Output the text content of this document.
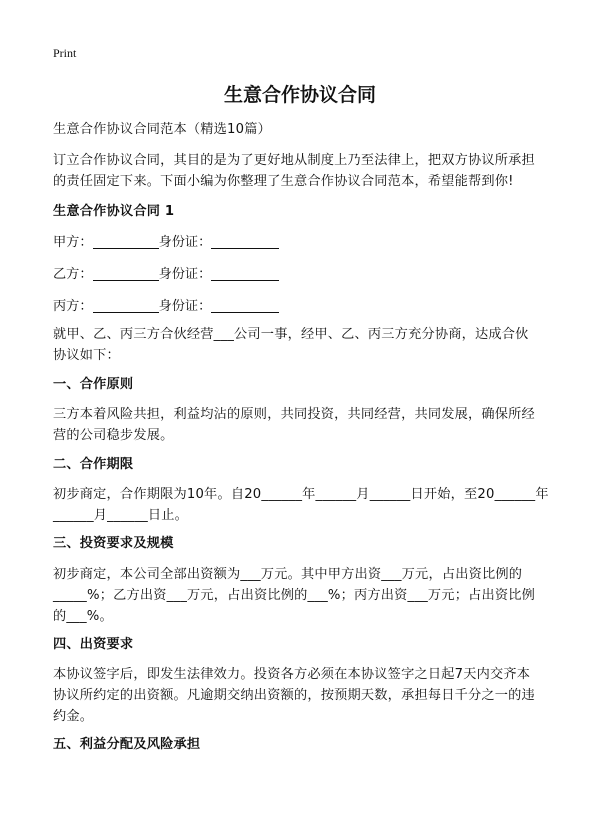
Print
生意合作协议合同
生意合作协议合同范本（精选10篇）
订立合作协议合同，其目的是为了更好地从制度上乃至法律上，把双方协议所承担
的责任固定下来。下面小编为你整理了生意合作协议合同范本，希望能帮到你!
生意合作协议合同 1
甲方：	身份证：
乙方：	身份证：
丙方：	身份证：
就甲、乙、丙三方合伙经营___公司一事，经甲、乙、丙三方充分协商，达成合伙
协议如下：
一、合作原则
三方本着风险共担，利益均沾的原则，共同投资，共同经营，共同发展，确保所经
营的公司稳步发展。
二、合作期限
初步商定，合作期限为10年。自20______年______月______日开始，至20______年
______月______日止。
三、投资要求及规模
初步商定，本公司全部出资额为___万元。其中甲方出资___万元，占出资比例的
_____%；乙方出资___万元，占出资比例的___%；丙方出资___万元；占出资比例
的___%。
四、出资要求
本协议签字后，即发生法律效力。投资各方必须在本协议签字之日起7天内交齐本
协议所约定的出资额。凡逾期交纳出资额的，按预期天数，承担每日千分之一的违
约金。
五、利益分配及风险承担
